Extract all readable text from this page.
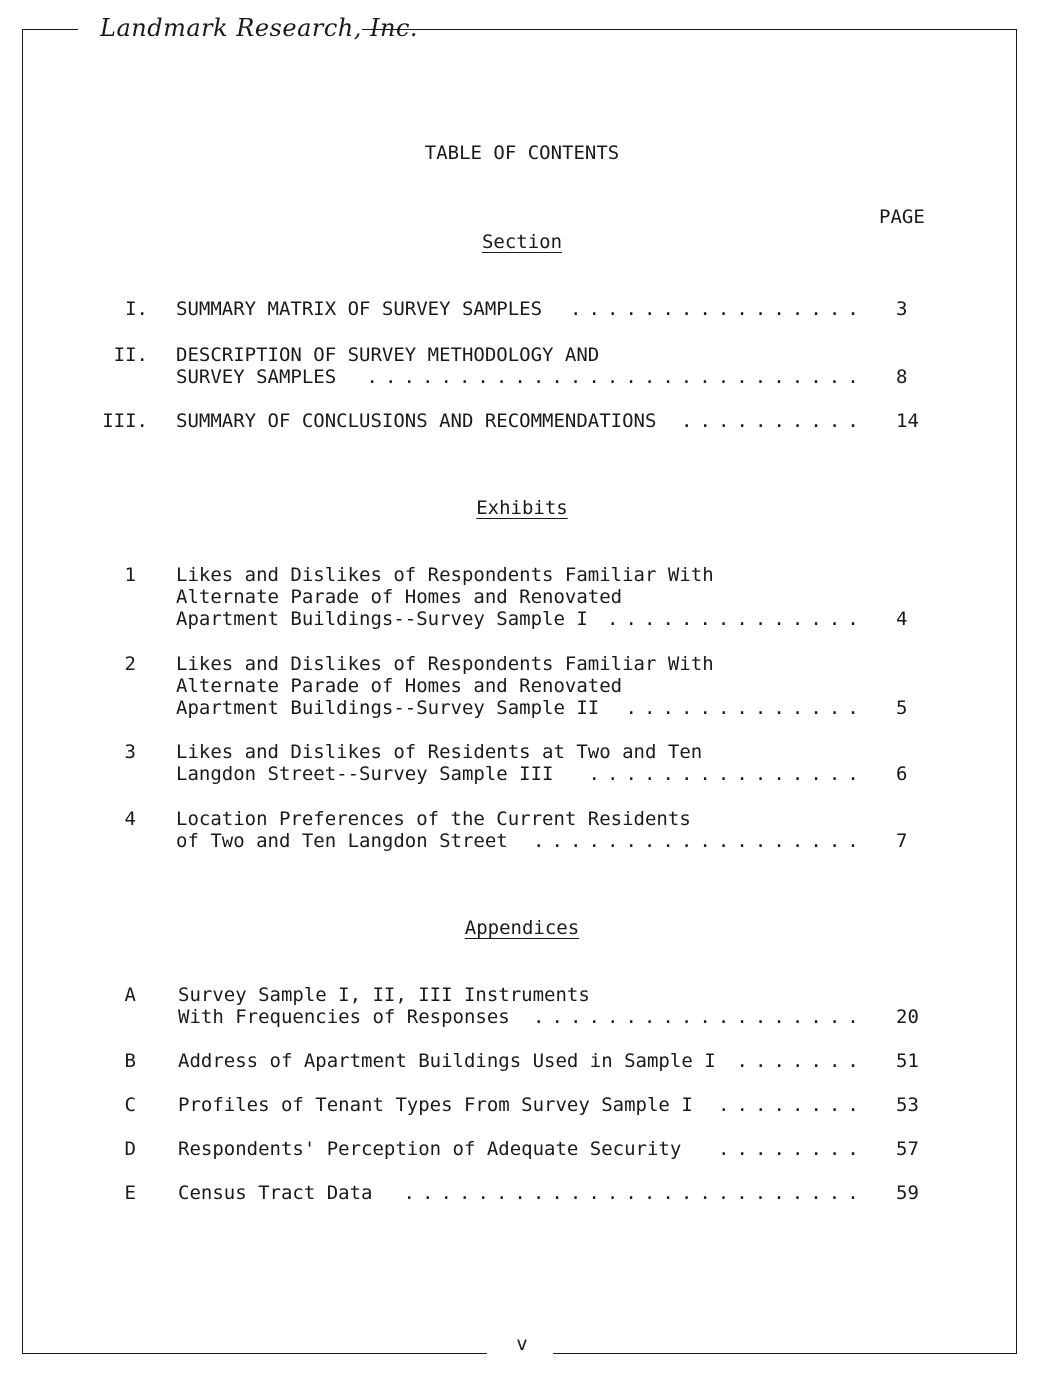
Landmark Research, Inc.
TABLE OF CONTENTS
PAGE
Section
I. SUMMARY MATRIX OF SURVEY SAMPLES ................ 3
II. DESCRIPTION OF SURVEY METHODOLOGY AND
SURVEY SAMPLES ........................... 8
III. SUMMARY OF CONCLUSIONS AND RECOMMENDATIONS .......... 14
Exhibits
1 Likes and Dislikes of Respondents Familiar With
Alternate Parade of Homes and Renovated
Apartment Buildings--Survey Sample I .............. 4
2 Likes and Dislikes of Respondents Familiar With
Alternate Parade of Homes and Renovated
Apartment Buildings--Survey Sample II ............. 5
3 Likes and Dislikes of Residents at Two and Ten
Langdon Street--Survey Sample III ............... 6
4 Location Preferences of the Current Residents
of Two and Ten Langdon Street .................. 7
Appendices
A Survey Sample I, II, III Instruments
With Frequencies of Responses .................. 20
B Address of Apartment Buildings Used in Sample I ....... 51
C Profiles of Tenant Types From Survey Sample I ........ 53
D Respondents' Perception of Adequate Security ........ 57
E Census Tract Data ......................... 59
v
